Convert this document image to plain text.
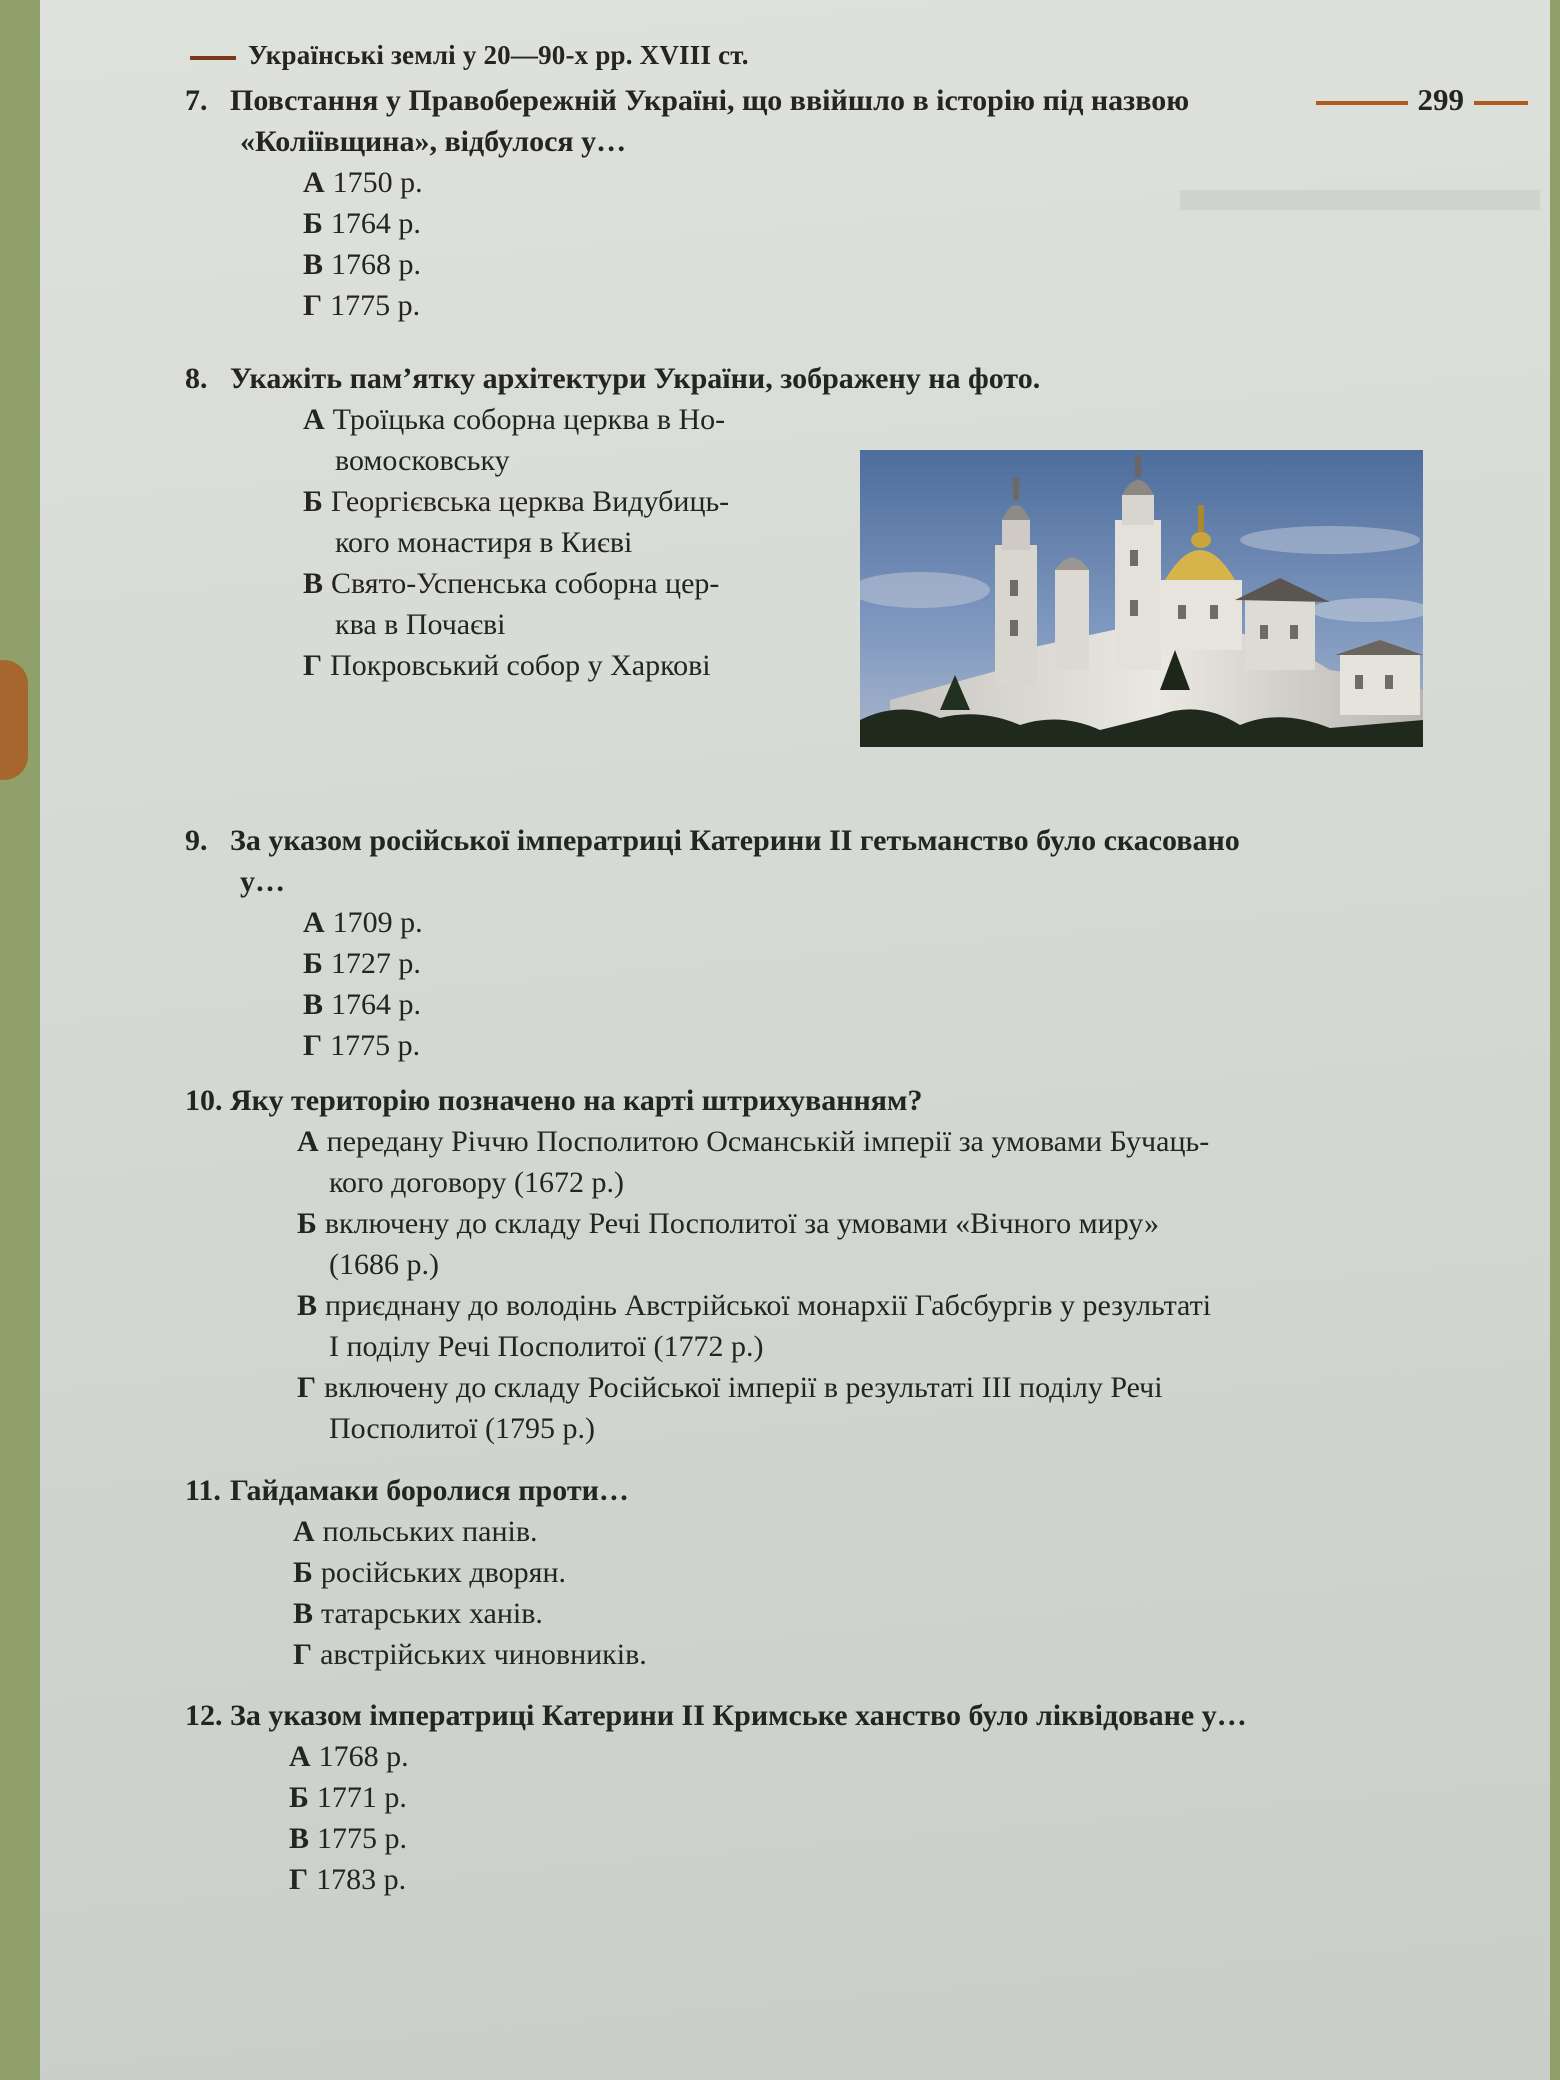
Українські землі у 20—90-х рр. XVIII ст.
299
7. Повстання у Правобережній Україні, що ввійшло в історію під назвою
«Коліївщина», відбулося у…
А 1750 р.
Б 1764 р.
В 1768 р.
Г 1775 р.
8. Укажіть пам’ятку архітектури України, зображену на фото.
А Троїцька соборна церква в Но-
вомосковську
Б Георгієвська церква Видубиць-
кого монастиря в Києві
В Свято-Успенська соборна цер-
ква в Почаєві
Г Покровський собор у Харкові
9. За указом російської імператриці Катерини II гетьманство було скасовано
у…
А 1709 р.
Б 1727 р.
В 1764 р.
Г 1775 р.
10. Яку територію позначено на карті штрихуванням?
А передану Річчю Посполитою Османській імперії за умовами Бучаць-
кого договору (1672 р.)
Б включену до складу Речі Посполитої за умовами «Вічного миру»
(1686 р.)
В приєднану до володінь Австрійської монархії Габсбургів у результаті
I поділу Речі Посполитої (1772 р.)
Г включену до складу Російської імперії в результаті III поділу Речі
Посполитої (1795 р.)
11. Гайдамаки боролися проти…
А польських панів.
Б російських дворян.
В татарських ханів.
Г австрійських чиновників.
12. За указом імператриці Катерини II Кримське ханство було ліквідоване у…
А 1768 р.
Б 1771 р.
В 1775 р.
Г 1783 р.
